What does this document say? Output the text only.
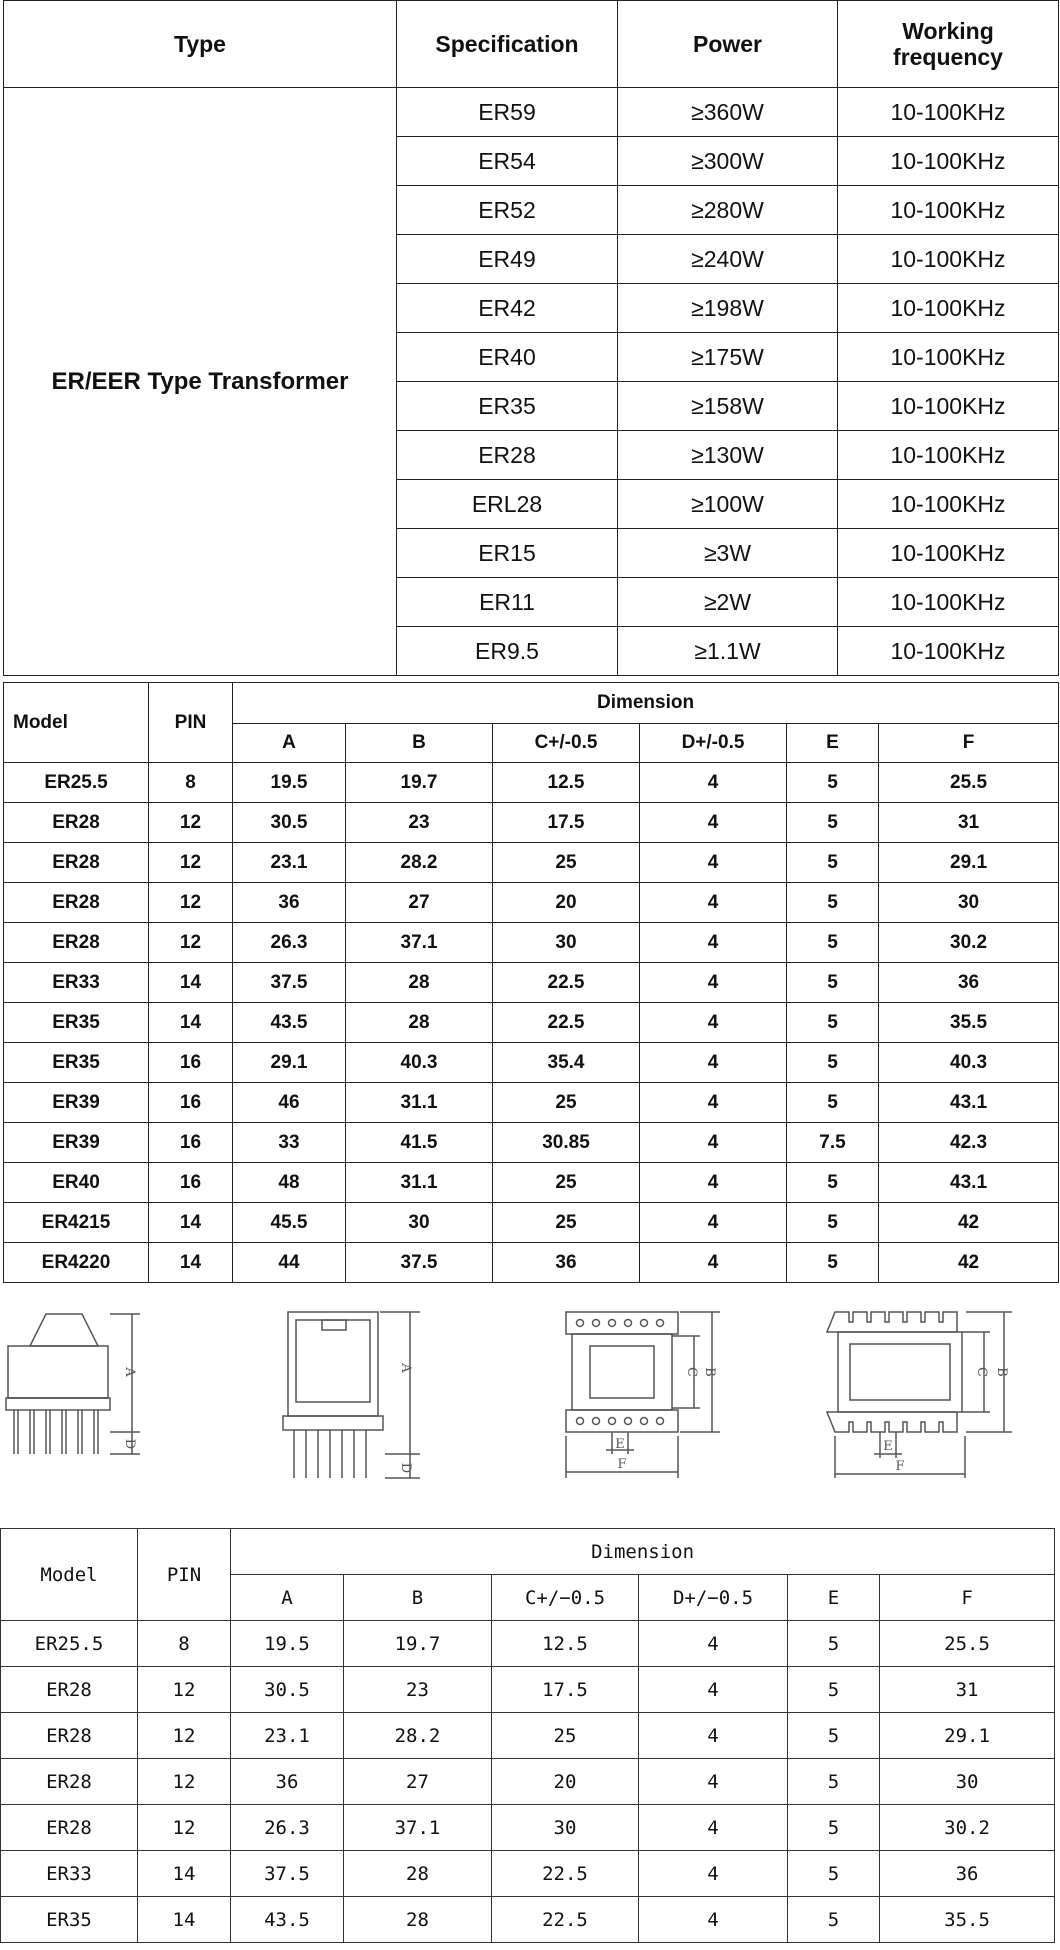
Type	Specification	Power	Working frequency
ER/EER Type Transformer	ER59	≥360W	10-100KHz
	ER54	≥300W	10-100KHz
	ER52	≥280W	10-100KHz
	ER49	≥240W	10-100KHz
	ER42	≥198W	10-100KHz
	ER40	≥175W	10-100KHz
	ER35	≥158W	10-100KHz
	ER28	≥130W	10-100KHz
	ERL28	≥100W	10-100KHz
	ER15	≥3W	10-100KHz
	ER11	≥2W	10-100KHz
	ER9.5	≥1.1W	10-100KHz
Model	PIN	Dimension					
		A	B	C+/-0.5	D+/-0.5	E	F
ER25.5	8	19.5	19.7	12.5	4	5	25.5
ER28	12	30.5	23	17.5	4	5	31
ER28	12	23.1	28.2	25	4	5	29.1
ER28	12	36	27	20	4	5	30
ER28	12	26.3	37.1	30	4	5	30.2
ER33	14	37.5	28	22.5	4	5	36
ER35	14	43.5	28	22.5	4	5	35.5
ER35	16	29.1	40.3	35.4	4	5	40.3
ER39	16	46	31.1	25	4	5	43.1
ER39	16	33	41.5	30.85	4	7.5	42.3
ER40	16	48	31.1	25	4	5	43.1
ER4215	14	45.5	30	25	4	5	42
ER4220	14	44	37.5	36	4	5	42
A
D
A
D
C B
E
F
C B
E
F
Model	PIN	Dimension					
		A	B	C+/−0.5	D+/−0.5	E	F
ER25.5	8	19.5	19.7	12.5	4	5	25.5
ER28	12	30.5	23	17.5	4	5	31
ER28	12	23.1	28.2	25	4	5	29.1
ER28	12	36	27	20	4	5	30
ER28	12	26.3	37.1	30	4	5	30.2
ER33	14	37.5	28	22.5	4	5	36
ER35	14	43.5	28	22.5	4	5	35.5
